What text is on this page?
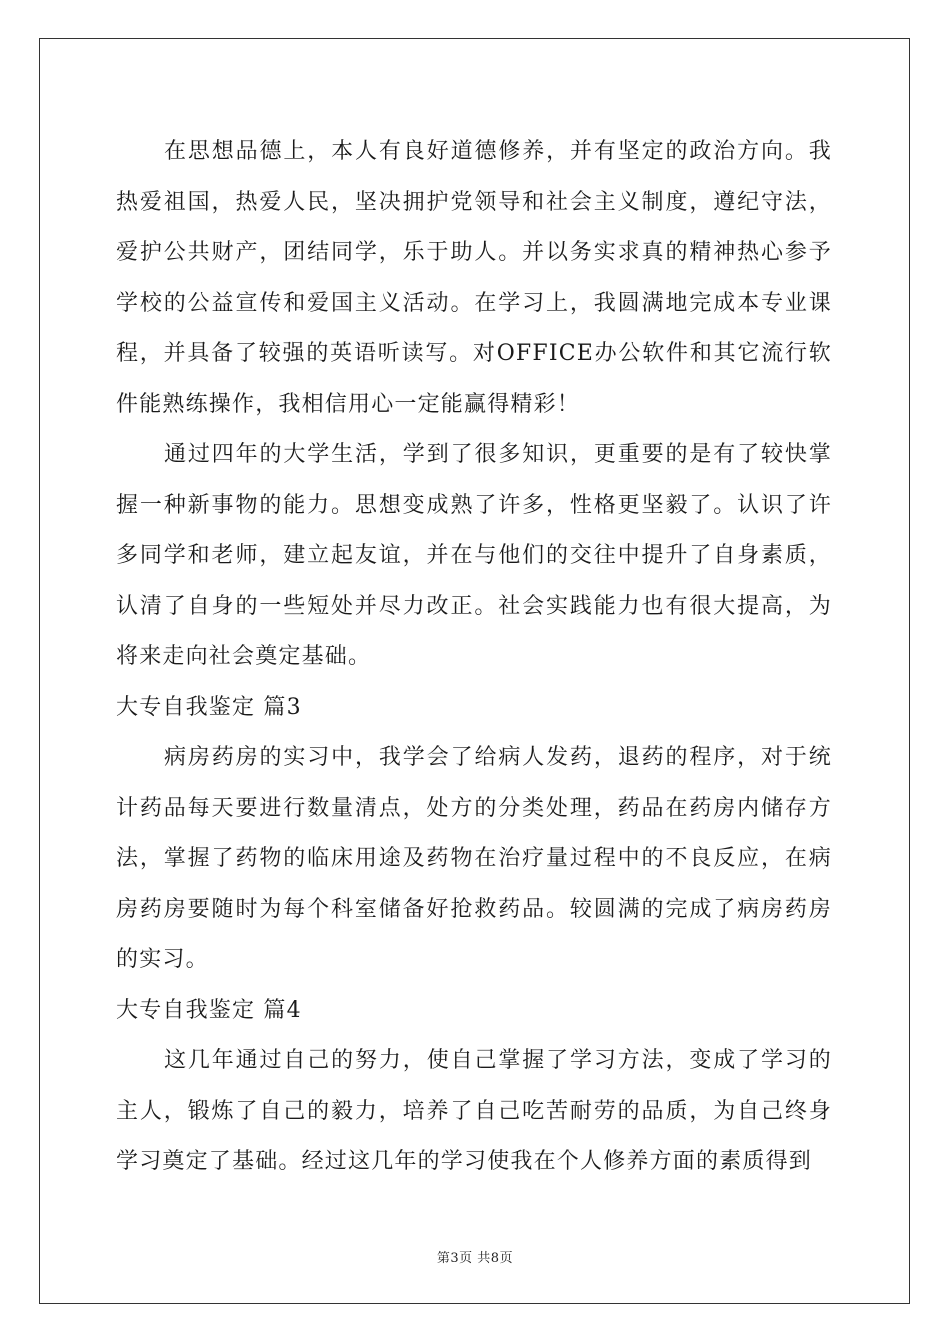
在思想品德上，本人有良好道德修养，并有坚定的政治方向。我热爱祖国，热爱人民，坚决拥护党领导和社会主义制度，遵纪守法，爱护公共财产，团结同学，乐于助人。并以务实求真的精神热心参予学校的公益宣传和爱国主义活动。在学习上，我圆满地完成本专业课程，并具备了较强的英语听读写。对OFFICE办公软件和其它流行软件能熟练操作，我相信用心一定能赢得精彩！

通过四年的大学生活，学到了很多知识，更重要的是有了较快掌握一种新事物的能力。思想变成熟了许多，性格更坚毅了。认识了许多同学和老师，建立起友谊，并在与他们的交往中提升了自身素质，认清了自身的一些短处并尽力改正。社会实践能力也有很大提高，为将来走向社会奠定基础。

大专自我鉴定 篇3

病房药房的实习中，我学会了给病人发药，退药的程序，对于统计药品每天要进行数量清点，处方的分类处理，药品在药房内储存方法，掌握了药物的临床用途及药物在治疗量过程中的不良反应，在病房药房要随时为每个科室储备好抢救药品。较圆满的完成了病房药房的实习。

大专自我鉴定 篇4

这几年通过自己的努力，使自己掌握了学习方法，变成了学习的主人，锻炼了自己的毅力，培养了自己吃苦耐劳的品质，为自己终身学习奠定了基础。经过这几年的学习使我在个人修养方面的素质得到

第3页 共8页
